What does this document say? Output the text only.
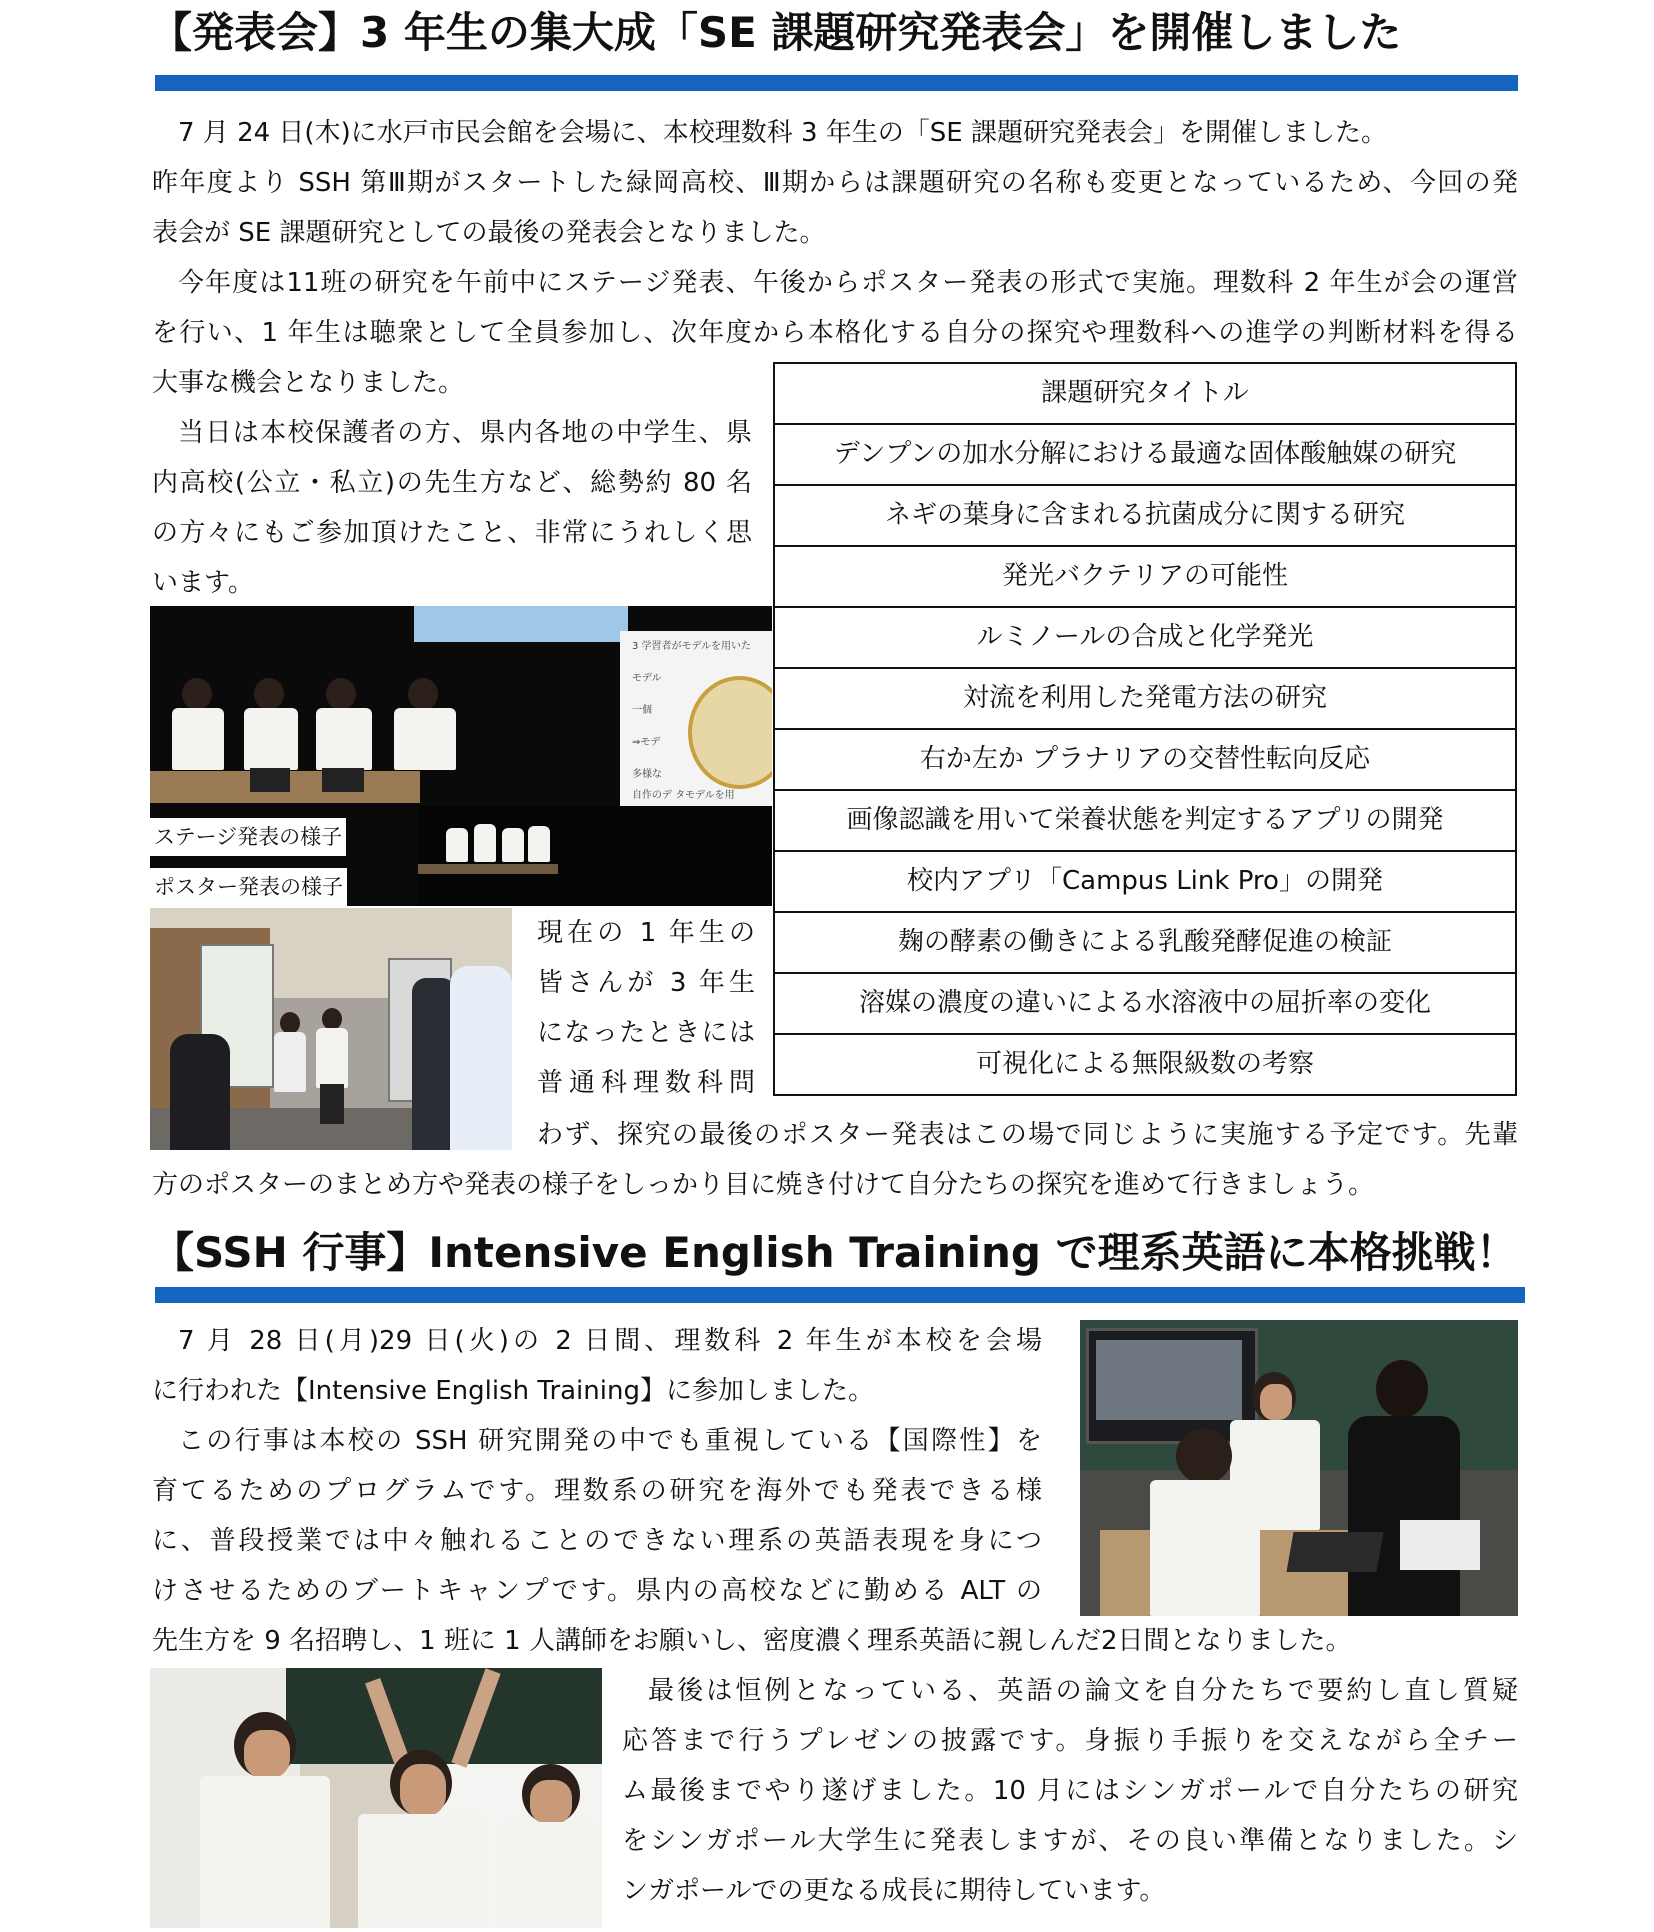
【発表会】3 年生の集大成「SE 課題研究発表会」を開催しました
7 月 24 日(木)に水戸市民会館を会場に、本校理数科 3 年生の「SE 課題研究発表会」を開催しました。
昨年度より SSH 第Ⅲ期がスタートした緑岡高校、Ⅲ期からは課題研究の名称も変更となっているため、今回の発
表会が SE 課題研究としての最後の発表会となりました。
今年度は11班の研究を午前中にステージ発表、午後からポスター発表の形式で実施。理数科 2 年生が会の運営
を行い、1 年生は聴衆として全員参加し、次年度から本格化する自分の探究や理数科への進学の判断材料を得る
大事な機会となりました。
当日は本校保護者の方、県内各地の中学生、県
内高校(公立・私立)の先生方など、総勢約 80 名
の方々にもご参加頂けたこと、非常にうれしく思
います。
課題研究タイトル
デンプンの加水分解における最適な固体酸触媒の研究
ネギの葉身に含まれる抗菌成分に関する研究
発光バクテリアの可能性
ルミノールの合成と化学発光
対流を利用した発電方法の研究
右か左か プラナリアの交替性転向反応
画像認識を用いて栄養状態を判定するアプリの開発
校内アプリ「Campus Link Pro」の開発
麹の酵素の働きによる乳酸発酵促進の検証
溶媒の濃度の違いによる水溶液中の屈折率の変化
可視化による無限級数の考察
3 学習者がモデルを用いた
モデル
一個
⇒モデ
多様な
自作のデ タモデルを用
ステージ発表の様子
ポスター発表の様子
現在の 1 年生の
皆さんが 3 年生
になったときには
普通科理数科問
わず、探究の最後のポスター発表はこの場で同じように実施する予定です。先輩
方のポスターのまとめ方や発表の様子をしっかり目に焼き付けて自分たちの探究を進めて行きましょう。
【SSH 行事】Intensive English Training で理系英語に本格挑戦！
7 月 28 日(月)29 日(火)の 2 日間、理数科 2 年生が本校を会場
に行われた【Intensive English Training】に参加しました。
この行事は本校の SSH 研究開発の中でも重視している【国際性】を
育てるためのプログラムです。理数系の研究を海外でも発表できる様
に、普段授業では中々触れることのできない理系の英語表現を身につ
けさせるためのブートキャンプです。県内の高校などに勤める ALT の
先生方を 9 名招聘し、1 班に 1 人講師をお願いし、密度濃く理系英語に親しんだ2日間となりました。
最後は恒例となっている、英語の論文を自分たちで要約し直し質疑
応答まで行うプレゼンの披露です。身振り手振りを交えながら全チー
ム最後までやり遂げました。10 月にはシンガポールで自分たちの研究
をシンガポール大学生に発表しますが、その良い準備となりました。シ
ンガポールでの更なる成長に期待しています。
